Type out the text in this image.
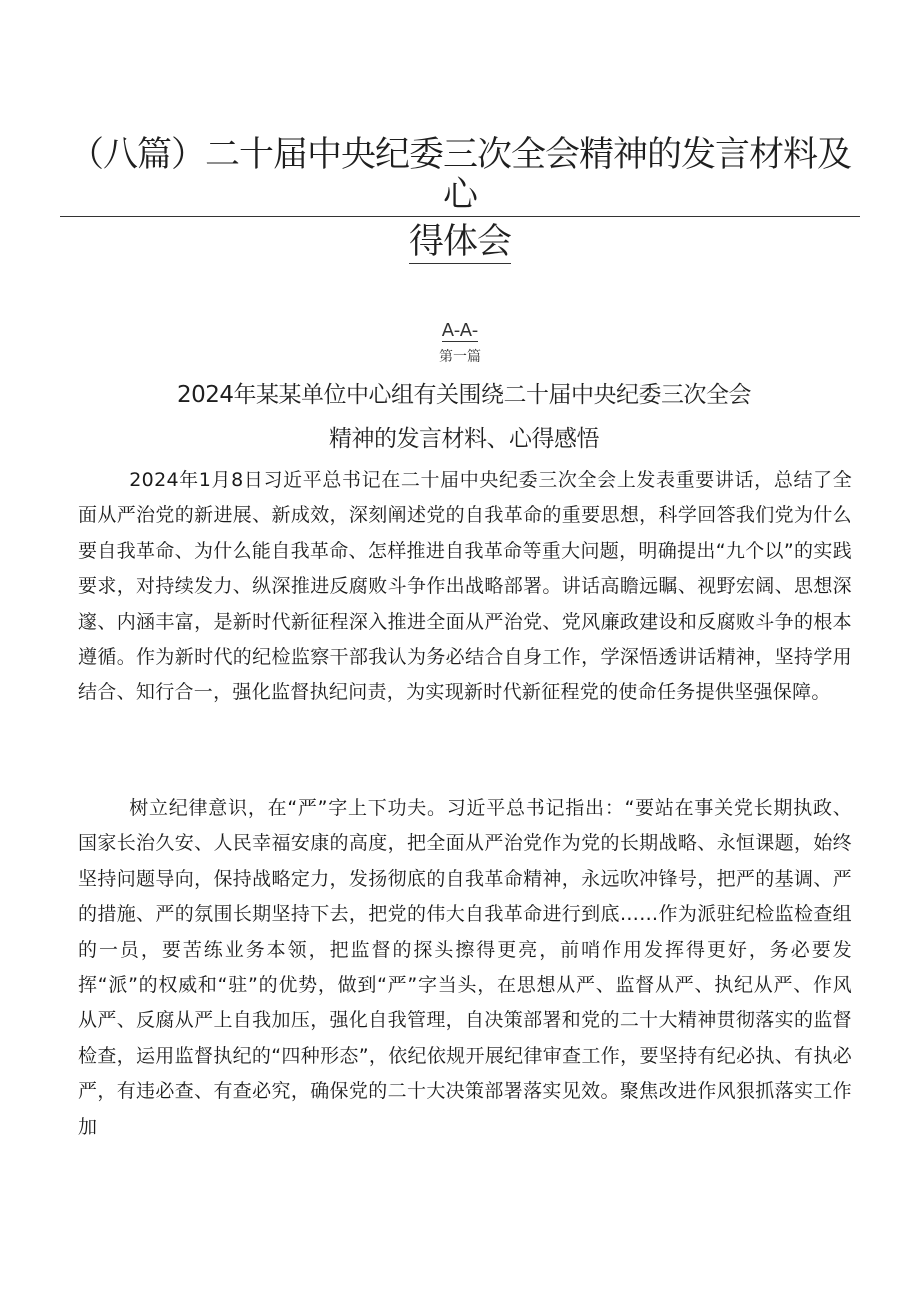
（八篇）二十届中央纪委三次全会精神的发言材料及心
得体会
A-A-
第一篇
2024年某某单位中心组有关围绕二十届中央纪委三次全会
精神的发言材料、心得感悟

2024年1月8日习近平总书记在二十届中央纪委三次全会上发表重要讲话，总结了全面从严治党的新进展、新成效，深刻阐述党的自我革命的重要思想，科学回答我们党为什么要自我革命、为什么能自我革命、怎样推进自我革命等重大问题，明确提出“九个以”的实践要求，对持续发力、纵深推进反腐败斗争作出战略部署。讲话高瞻远瞩、视野宏阔、思想深邃、内涵丰富，是新时代新征程深入推进全面从严治党、党风廉政建设和反腐败斗争的根本遵循。作为新时代的纪检监察干部我认为务必结合自身工作，学深悟透讲话精神，坚持学用结合、知行合一，强化监督执纪问责，为实现新时代新征程党的使命任务提供坚强保障。

树立纪律意识，在“严”字上下功夫。习近平总书记指出：“要站在事关党长期执政、国家长治久安、人民幸福安康的高度，把全面从严治党作为党的长期战略、永恒课题，始终坚持问题导向，保持战略定力，发扬彻底的自我革命精神，永远吹冲锋号，把严的基调、严的措施、严的氛围长期坚持下去，把党的伟大自我革命进行到底……作为派驻纪检监检查组的一员，要苦练业务本领，把监督的探头擦得更亮，前哨作用发挥得更好，务必要发挥“派”的权威和“驻”的优势，做到“严”字当头，在思想从严、监督从严、执纪从严、作风从严、反腐从严上自我加压，强化自我管理，自决策部署和党的二十大精神贯彻落实的监督检查，运用监督执纪的“四种形态”，依纪依规开展纪律审查工作，要坚持有纪必执、有执必严，有违必查、有查必究，确保党的二十大决策部署落实见效。聚焦改进作风狠抓落实工作加
